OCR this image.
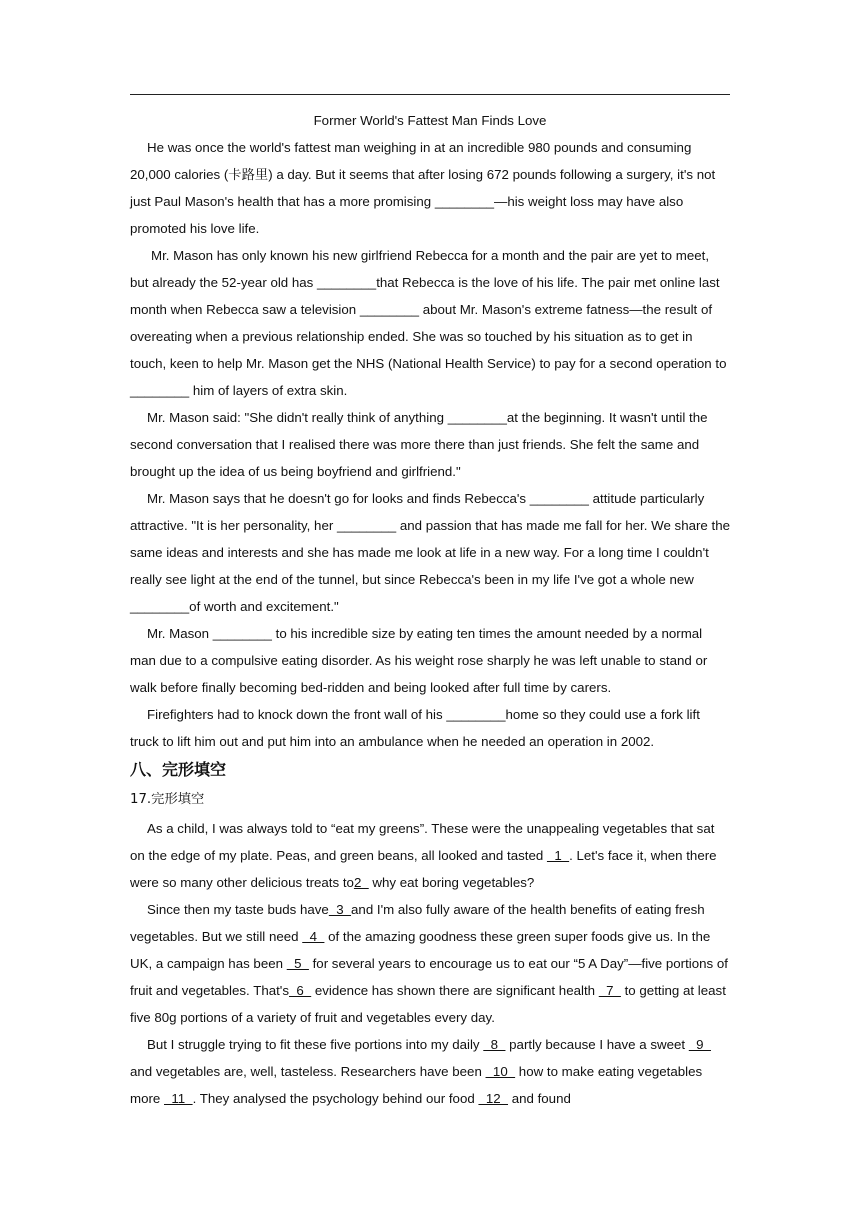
Former World's Fattest Man Finds Love

He was once the world's fattest man weighing in at an incredible 980 pounds and consuming 20,000 calories (卡路里) a day. But it seems that after losing 672 pounds following a surgery, it's not just Paul Mason's health that has a more promising ________—his weight loss may have also promoted his love life.

Mr. Mason has only known his new girlfriend Rebecca for a month and the pair are yet to meet, but already the 52-year old has ________that Rebecca is the love of his life. The pair met online last month when Rebecca saw a television ________ about Mr. Mason's extreme fatness—the result of overeating when a previous relationship ended. She was so touched by his situation as to get in touch, keen to help Mr. Mason get the NHS (National Health Service) to pay for a second operation to ________ him of layers of extra skin.

Mr. Mason said: "She didn't really think of anything ________at the beginning. It wasn't until the second conversation that I realised there was more there than just friends. She felt the same and brought up the idea of us being boyfriend and girlfriend."

Mr. Mason says that he doesn't go for looks and finds Rebecca's ________ attitude particularly attractive. "It is her personality, her ________ and passion that has made me fall for her. We share the same ideas and interests and she has made me look at life in a new way. For a long time I couldn't really see light at the end of the tunnel, but since Rebecca's been in my life I've got a whole new ________of worth and excitement."

Mr. Mason ________ to his incredible size by eating ten times the amount needed by a normal man due to a compulsive eating disorder. As his weight rose sharply he was left unable to stand or walk before finally becoming bed-ridden and being looked after full time by carers.

Firefighters had to knock down the front wall of his ________home so they could use a fork lift truck to lift him out and put him into an ambulance when he needed an operation in 2002.

八、完形填空

17.完形填空

As a child, I was always told to “eat my greens”. These were the unappealing vegetables that sat on the edge of my plate. Peas, and green beans, all looked and tasted   1  . Let's face it, when there were so many other delicious treats to2   why eat boring vegetables?

Since then my taste buds have  3  and I'm also fully aware of the health benefits of eating fresh vegetables. But we still need   4   of the amazing goodness these green super foods give us. In the UK, a campaign has been   5   for several years to encourage us to eat our “5 A Day”—five portions of fruit and vegetables. That's  6   evidence has shown there are significant health   7   to getting at least five 80g portions of a variety of fruit and vegetables every day.

But I struggle trying to fit these five portions into my daily   8   partly because I have a sweet   9   and vegetables are, well, tasteless. Researchers have been   10   how to make eating vegetables more   11  . They analysed the psychology behind our food   12   and found
